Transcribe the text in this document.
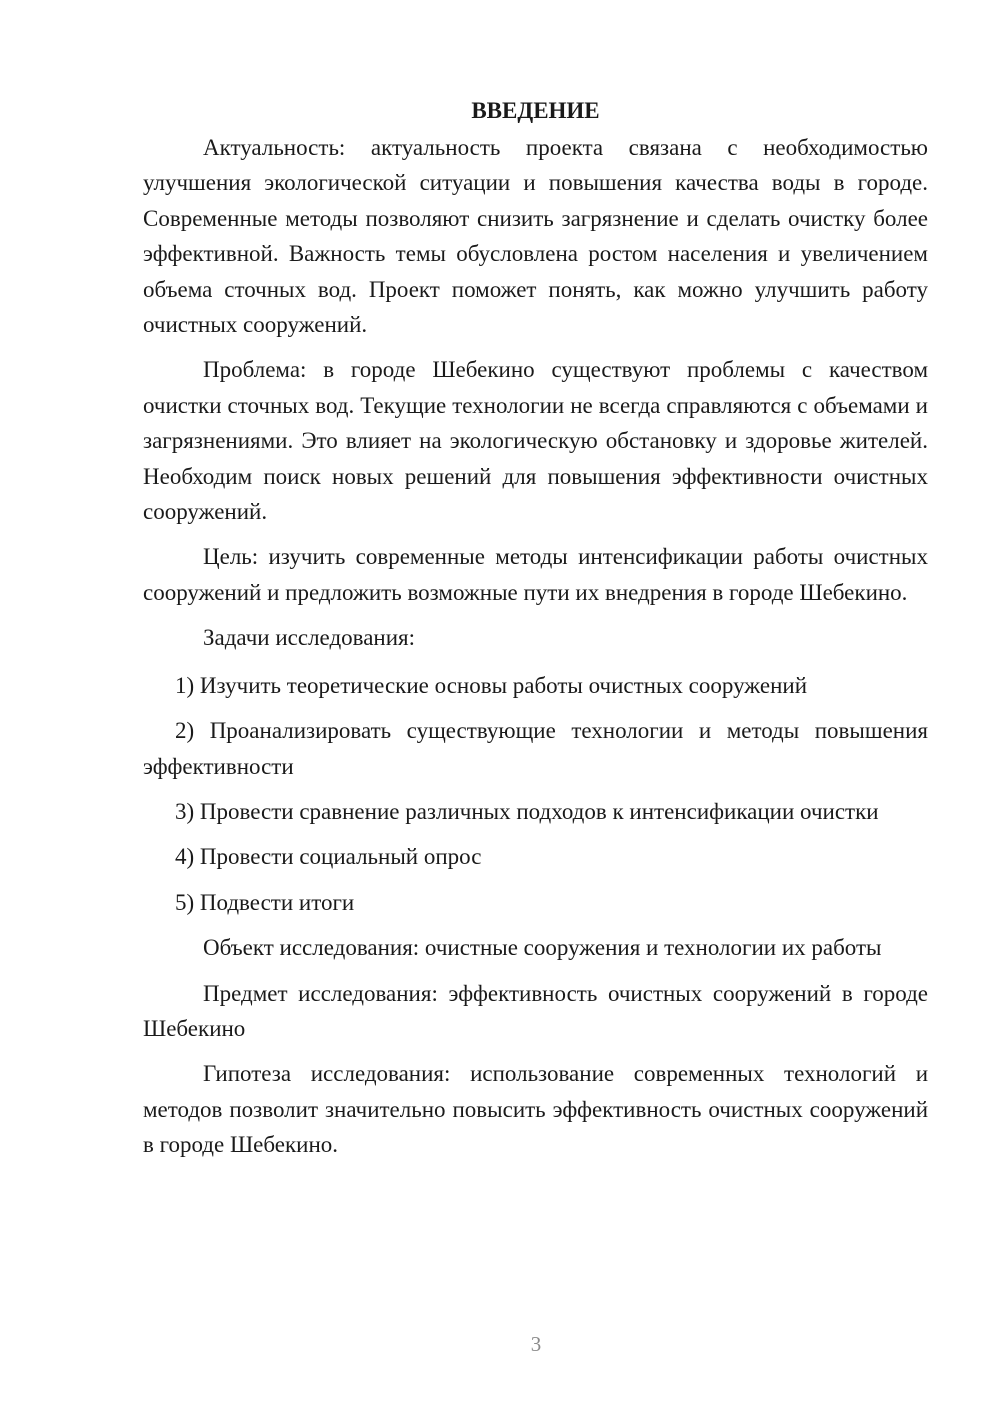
ВВЕДЕНИЕ

Актуальность: актуальность проекта связана с необходимостью улучшения экологической ситуации и повышения качества воды в городе. Современные методы позволяют снизить загрязнение и сделать очистку более эффективной. Важность темы обусловлена ростом населения и увеличением объема сточных вод. Проект поможет понять, как можно улучшить работу очистных сооружений.

Проблема: в городе Шебекино существуют проблемы с качеством очистки сточных вод. Текущие технологии не всегда справляются с объемами и загрязнениями. Это влияет на экологическую обстановку и здоровье жителей. Необходим поиск новых решений для повышения эффективности очистных сооружений.

Цель: изучить современные методы интенсификации работы очистных сооружений и предложить возможные пути их внедрения в городе Шебекино.

Задачи исследования:

1) Изучить теоретические основы работы очистных сооружений

2) Проанализировать существующие технологии и методы повышения эффективности

3) Провести сравнение различных подходов к интенсификации очистки

4) Провести социальный опрос

5) Подвести итоги

Объект исследования: очистные сооружения и технологии их работы

Предмет исследования: эффективность очистных сооружений в городе Шебекино

Гипотеза исследования: использование современных технологий и методов позволит значительно повысить эффективность очистных сооружений в городе Шебекино.

3
